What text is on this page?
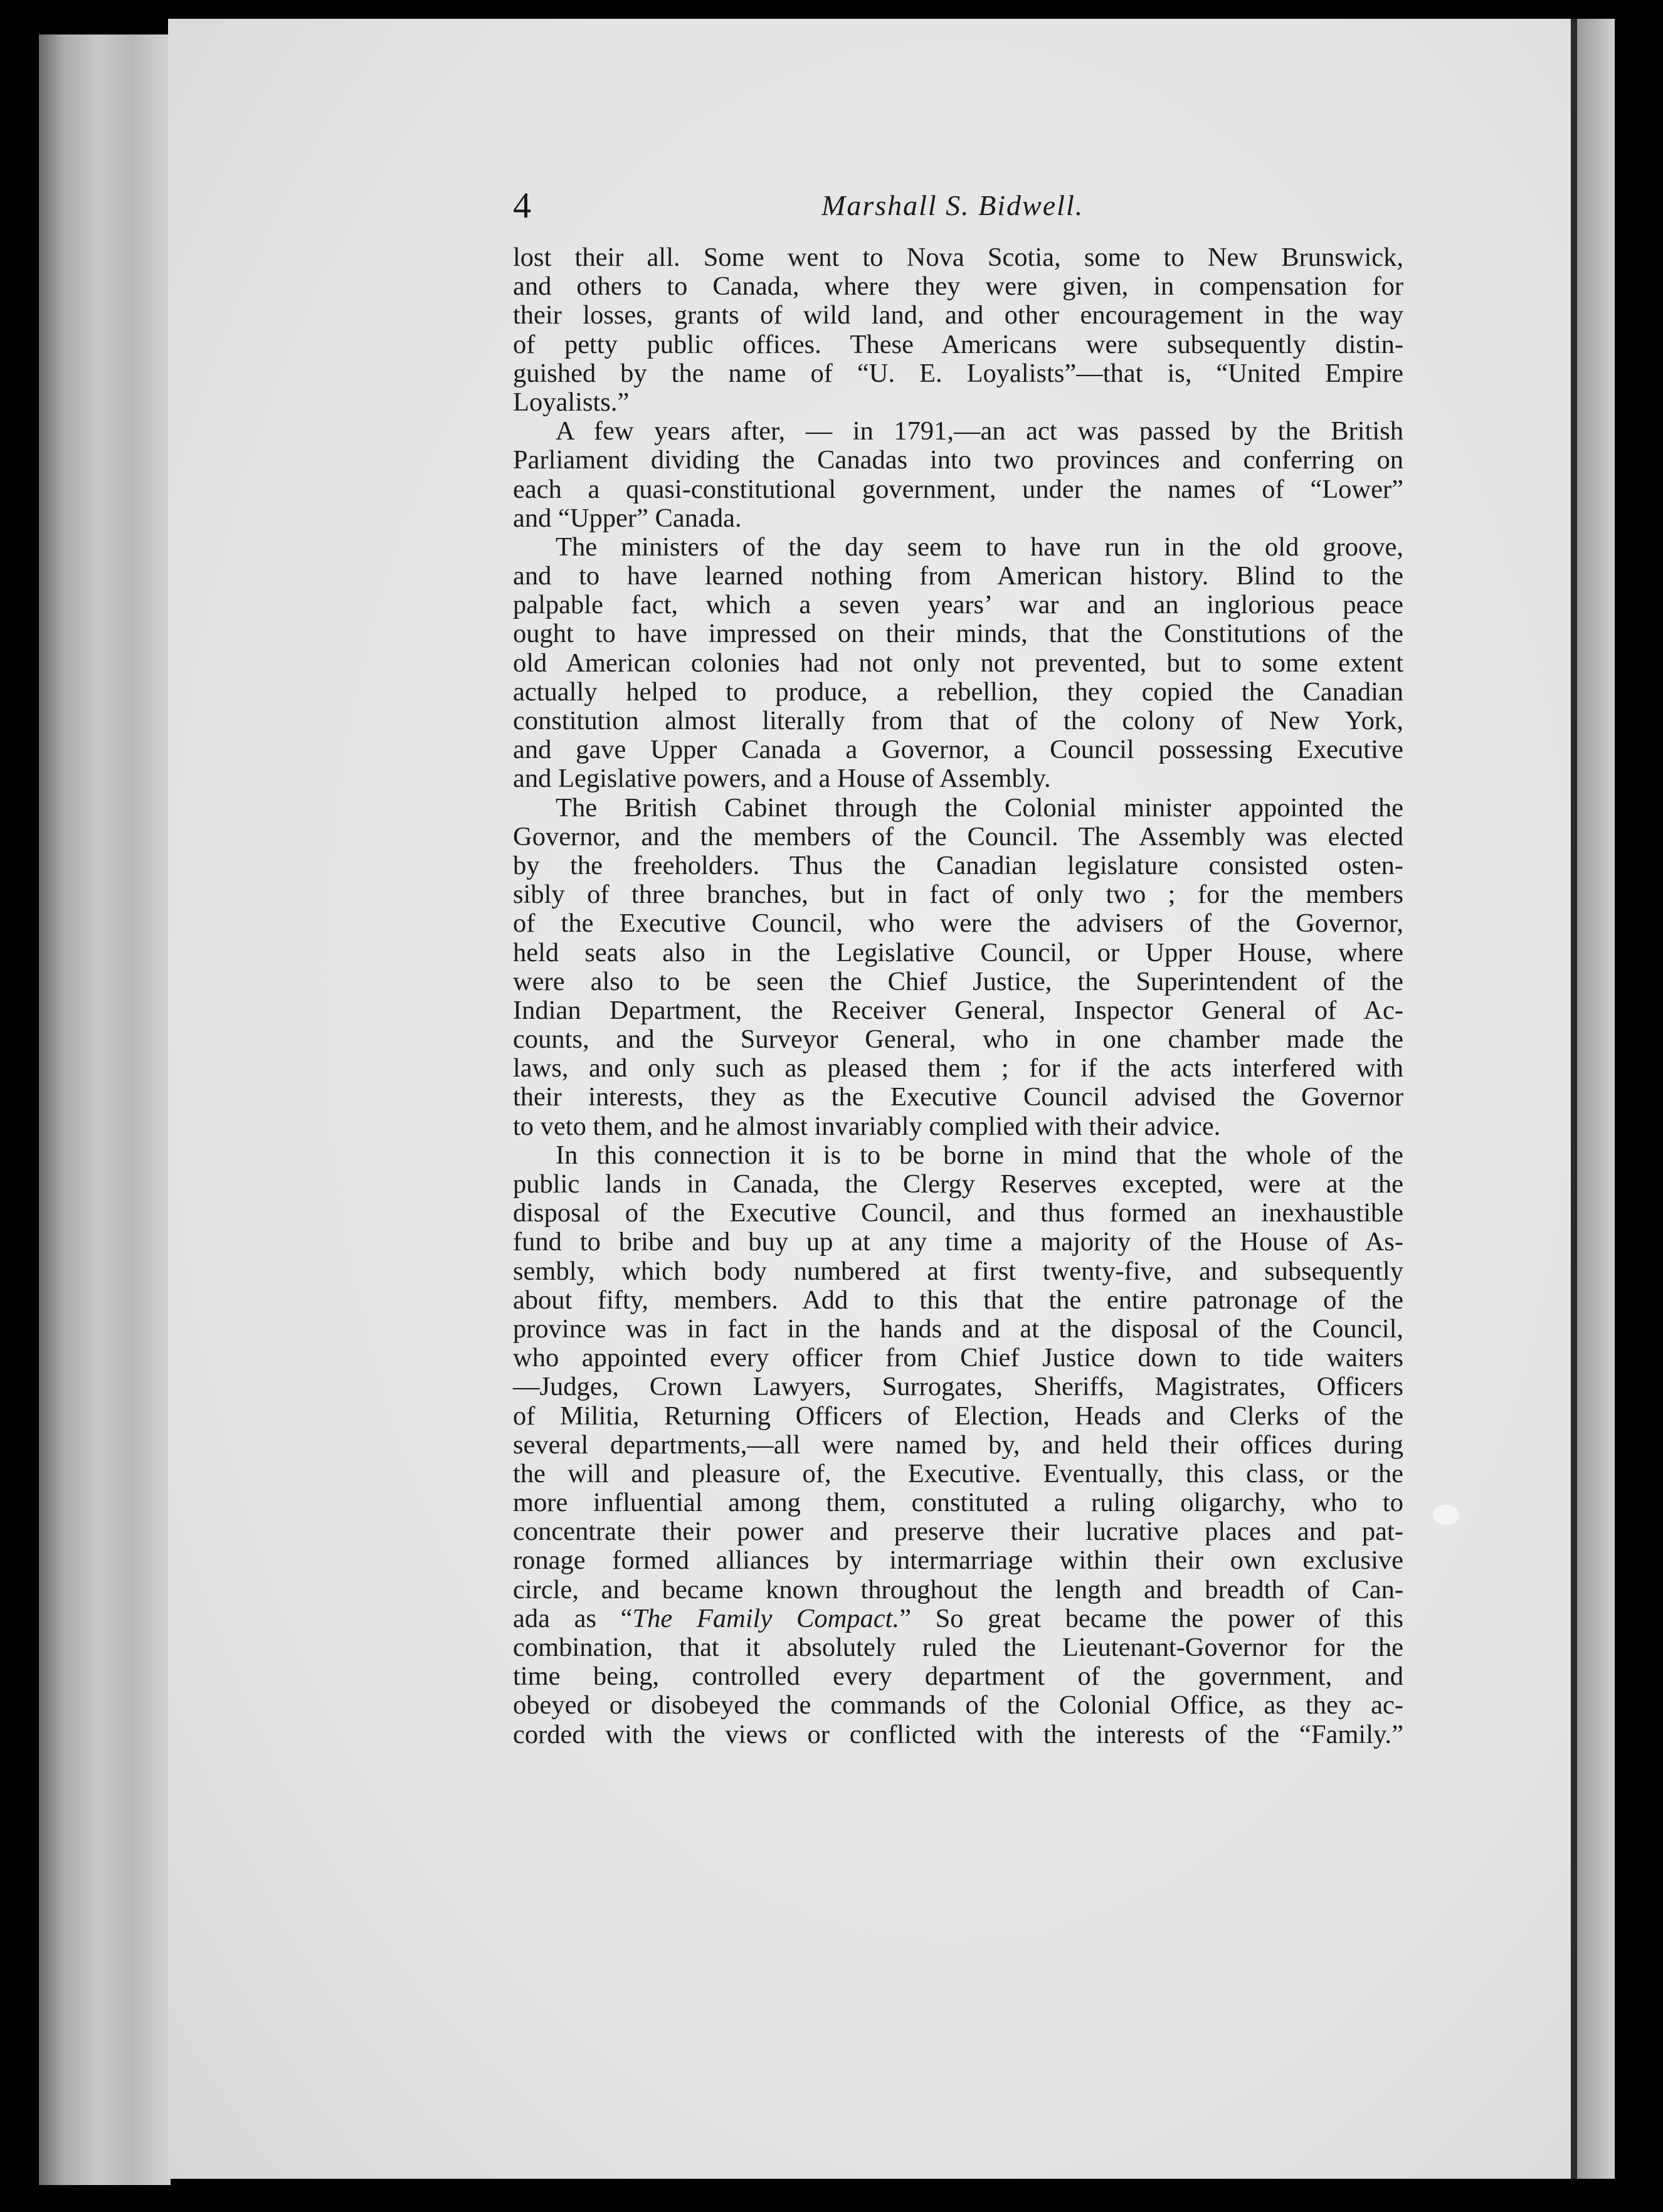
4	Marshall S. Bidwell.
lost their all. Some went to Nova Scotia, some to New Brunswick,
and others to Canada, where they were given, in compensation for
their losses, grants of wild land, and other encouragement in the way
of petty public offices. These Americans were subsequently distin-
guished by the name of “U. E. Loyalists”—that is, “United Empire
Loyalists.”
A few years after, — in 1791,—an act was passed by the British
Parliament dividing the Canadas into two provinces and conferring on
each a quasi-constitutional government, under the names of “Lower”
and “Upper” Canada.
The ministers of the day seem to have run in the old groove,
and to have learned nothing from American history. Blind to the
palpable fact, which a seven years’ war and an inglorious peace
ought to have impressed on their minds, that the Constitutions of the
old American colonies had not only not prevented, but to some extent
actually helped to produce, a rebellion, they copied the Canadian
constitution almost literally from that of the colony of New York,
and gave Upper Canada a Governor, a Council possessing Executive
and Legislative powers, and a House of Assembly.
The British Cabinet through the Colonial minister appointed the
Governor, and the members of the Council. The Assembly was elected
by the freeholders. Thus the Canadian legislature consisted osten-
sibly of three branches, but in fact of only two ; for the members
of the Executive Council, who were the advisers of the Governor,
held seats also in the Legislative Council, or Upper House, where
were also to be seen the Chief Justice, the Superintendent of the
Indian Department, the Receiver General, Inspector General of Ac-
counts, and the Surveyor General, who in one chamber made the
laws, and only such as pleased them ; for if the acts interfered with
their interests, they as the Executive Council advised the Governor
to veto them, and he almost invariably complied with their advice.
In this connection it is to be borne in mind that the whole of the
public lands in Canada, the Clergy Reserves excepted, were at the
disposal of the Executive Council, and thus formed an inexhaustible
fund to bribe and buy up at any time a majority of the House of As-
sembly, which body numbered at first twenty-five, and subsequently
about fifty, members. Add to this that the entire patronage of the
province was in fact in the hands and at the disposal of the Council,
who appointed every officer from Chief Justice down to tide waiters
—Judges, Crown Lawyers, Surrogates, Sheriffs, Magistrates, Officers
of Militia, Returning Officers of Election, Heads and Clerks of the
several departments,—all were named by, and held their offices during
the will and pleasure of, the Executive. Eventually, this class, or the
more influential among them, constituted a ruling oligarchy, who to
concentrate their power and preserve their lucrative places and pat-
ronage formed alliances by intermarriage within their own exclusive
circle, and became known throughout the length and breadth of Can-
ada as “The Family Compact.” So great became the power of this
combination, that it absolutely ruled the Lieutenant-Governor for the
time being, controlled every department of the government, and
obeyed or disobeyed the commands of the Colonial Office, as they ac-
corded with the views or conflicted with the interests of the “Family.”
